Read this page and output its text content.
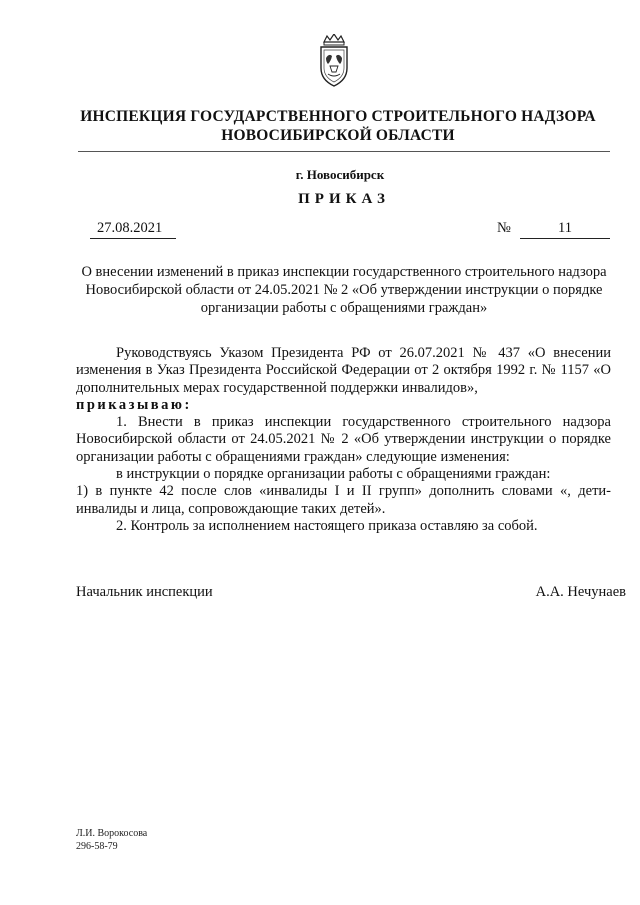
ИНСПЕКЦИЯ ГОСУДАРСТВЕННОГО СТРОИТЕЛЬНОГО НАДЗОРА
НОВОСИБИРСКОЙ ОБЛАСТИ
г. Новосибирск
ПРИКАЗ
27.08.2021	№	11
О внесении изменений в приказ инспекции государственного строительного надзора Новосибирской области от 24.05.2021 № 2 «Об утверждении инструкции о порядке организации работы с обращениями граждан»

Руководствуясь Указом Президента РФ от 26.07.2021 № 437 «О внесении изменения в Указ Президента Российской Федерации от 2 октября 1992 г. № 1157 «О дополнительных мерах государственной поддержки инвалидов»,

приказываю:

1. Внести в приказ инспекции государственного строительного надзора Новосибирской области от 24.05.2021 № 2 «Об утверждении инструкции о порядке организации работы с обращениями граждан» следующие изменения:

в инструкции о порядке организации работы с обращениями граждан:

1) в пункте 42 после слов «инвалиды I и II групп» дополнить словами «, дети-инвалиды и лица, сопровождающие таких детей».

2. Контроль за исполнением настоящего приказа оставляю за собой.

Начальник инспекции	А.А. Нечунаев
Л.И. Ворокосова
296-58-79
